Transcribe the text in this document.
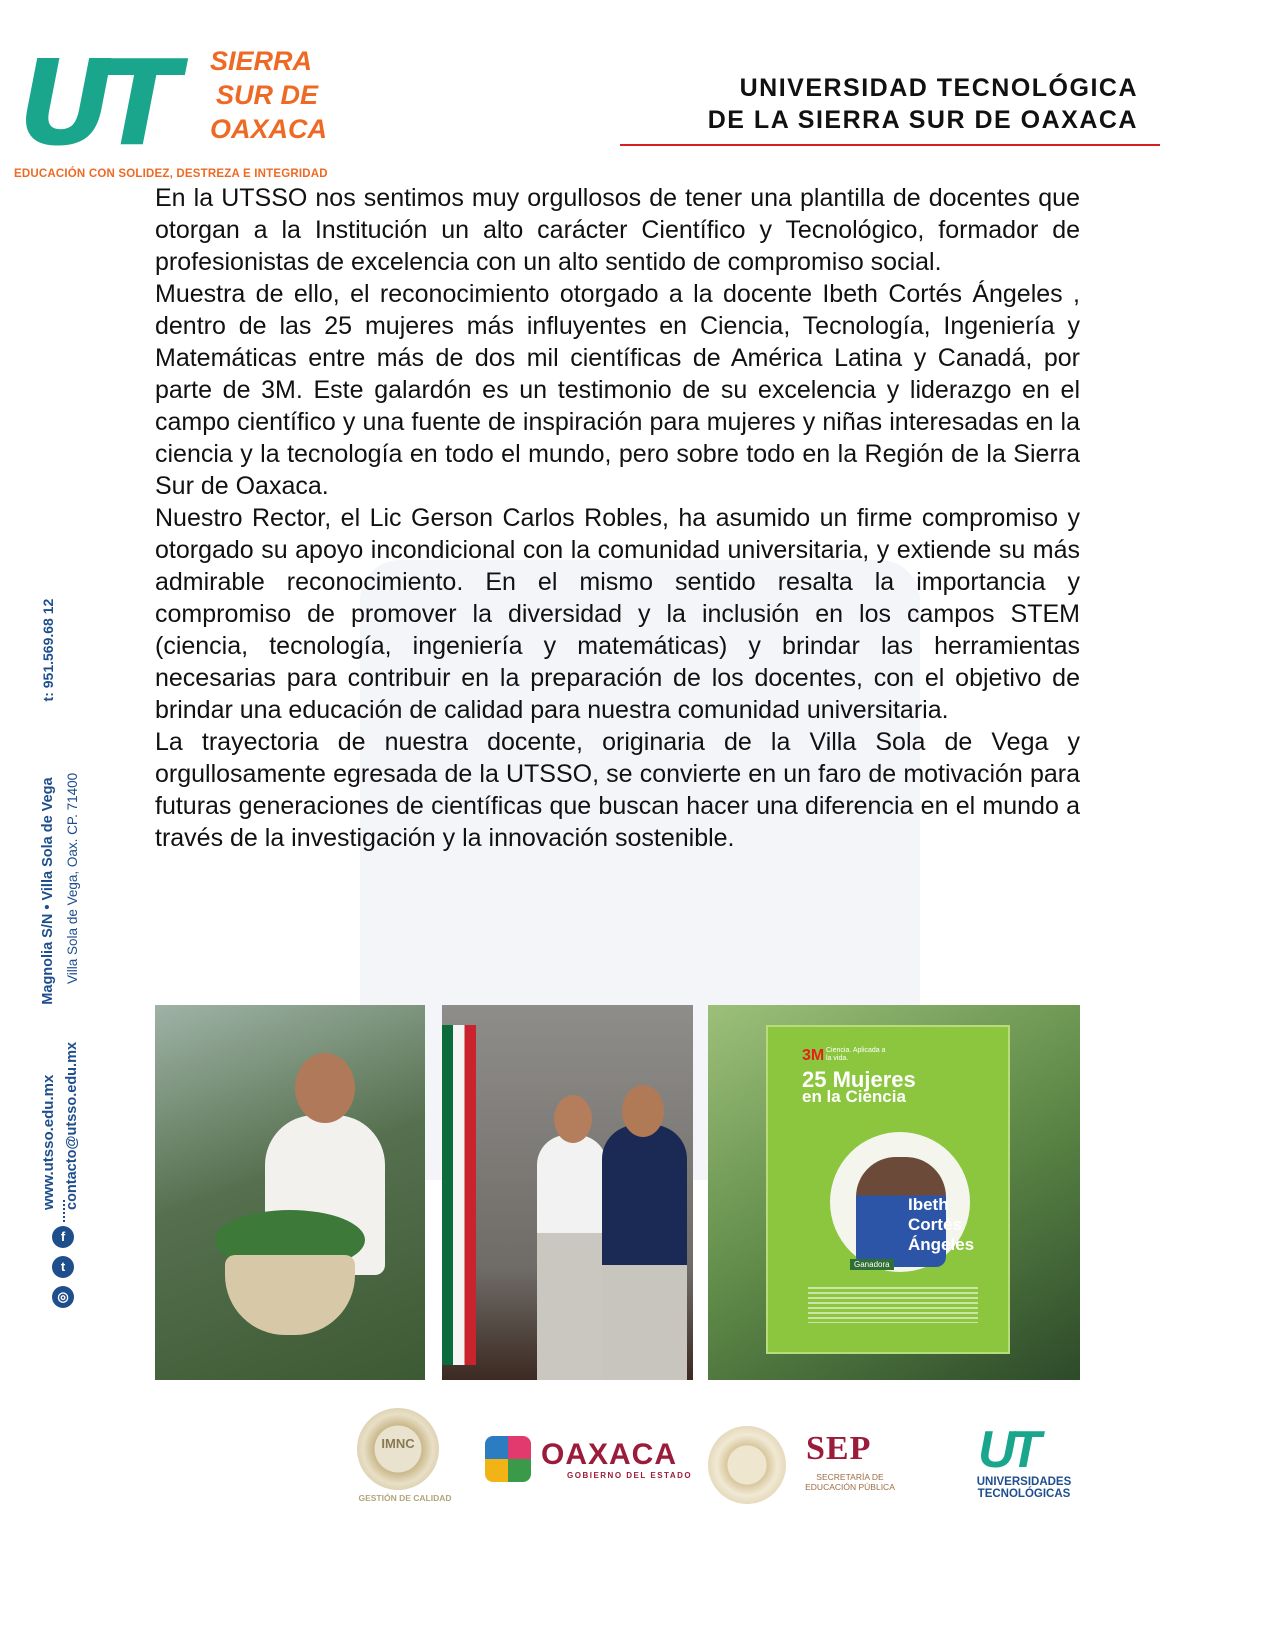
UT	SIERRA
SUR DE
OAXACA
EDUCACIÓN CON SOLIDEZ, DESTREZA E INTEGRIDAD
UNIVERSIDAD TECNOLÓGICA
DE LA SIERRA SUR DE OAXACA
www.utsso.edu.mx
Magnolia S/N • Villa Sola de Vega
t: 951.569.68 12
contacto@utsso.edu.mx
Villa Sola de Vega, Oax. CP. 71400
f
t
◎

En la UTSSO nos sentimos muy orgullosos de tener una plantilla de docentes que otorgan a la Institución un alto carácter Científico y Tecnológico, formador de profesionistas de excelencia con un alto sentido de compromiso social.

Muestra de ello, el reconocimiento otorgado a la docente Ibeth Cortés Ángeles , dentro de las 25 mujeres más influyentes en Ciencia, Tecnología, Ingeniería y Matemáticas entre más de dos mil científicas de América Latina y Canadá, por parte de 3M. Este galardón es un testimonio de su excelencia y liderazgo en el campo científico y una fuente de inspiración para mujeres y niñas interesadas en la ciencia y la tecnología en todo el mundo, pero sobre todo en la Región de la Sierra Sur de Oaxaca.

Nuestro Rector, el Lic Gerson Carlos Robles, ha asumido un firme compromiso y otorgado su apoyo incondicional con la comunidad universitaria, y extiende su más admirable reconocimiento. En el mismo sentido resalta la importancia y compromiso de promover la diversidad y la inclusión en los campos STEM (ciencia, tecnología, ingeniería y matemáticas) y brindar las herramientas necesarias para contribuir en la preparación de los docentes, con el objetivo de brindar una educación de calidad para nuestra comunidad universitaria.

La trayectoria de nuestra docente, originaria de la Villa Sola de Vega y orgullosamente egresada de la UTSSO, se convierte en un faro de motivación para futuras generaciones de científicas que buscan hacer una diferencia en el mundo a través de la investigación y la innovación sostenible.

3M Ciencia. Aplicada a la vida.
25 Mujeres
en la Ciencia
Ibeth Cortés Ángeles
Ganadora
IMNC
GESTIÓN DE CALIDAD
OAXACA
GOBIERNO DEL ESTADO
SEP
SECRETARÍA DE EDUCACIÓN PÚBLICA
UT
UNIVERSIDADES TECNOLÓGICAS
